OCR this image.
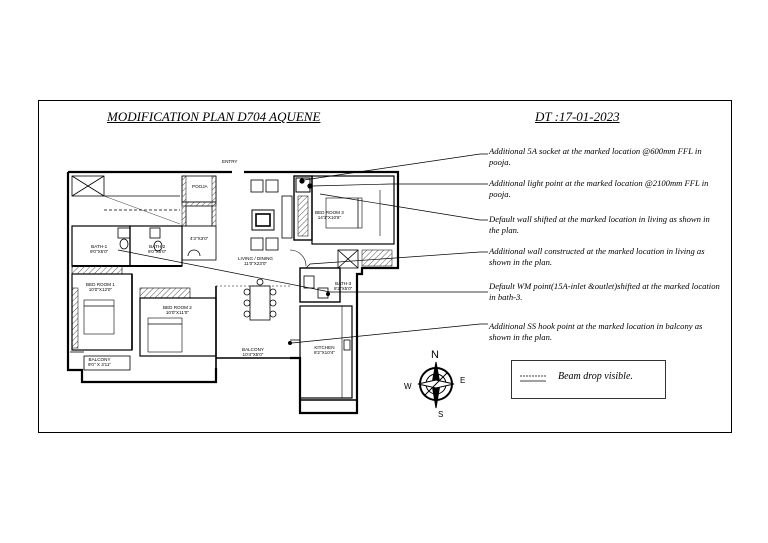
MODIFICATION PLAN D704 AQUENE	DT :17-01-2023
Additional 5A socket at the marked location @600mm FFL in pooja.
Additional light point at the marked location @2100mm FFL in pooja.
Default wall shifted at the marked location in living as shown in the plan.
Additional wall constructed at the marked location in living as shown in the plan.
Default WM point(15A-inlet &outlet)shifted at the marked location in bath-3.
Additional SS hook point at the marked location in balcony as shown in the plan.
ENTRY
POOJA
BATH-1
9'0"X5'0"
BATH-2
9'0"X5'0"
4'3"X3'0"
LIVING / DINING
11'0"X23'0"
BED ROOM 1
10'0"X12'0"
BED ROOM 2
10'0"X11'0"
BED ROOM 3
14'1"X10'6"
BATH-3
8'2"X5'0"
KITCHEN
8'2"X10'4"
BALCONY
9'0" X 3'11"
BALCONY
10'4"X5'0"	N
S
E
W
Beam drop visible.
